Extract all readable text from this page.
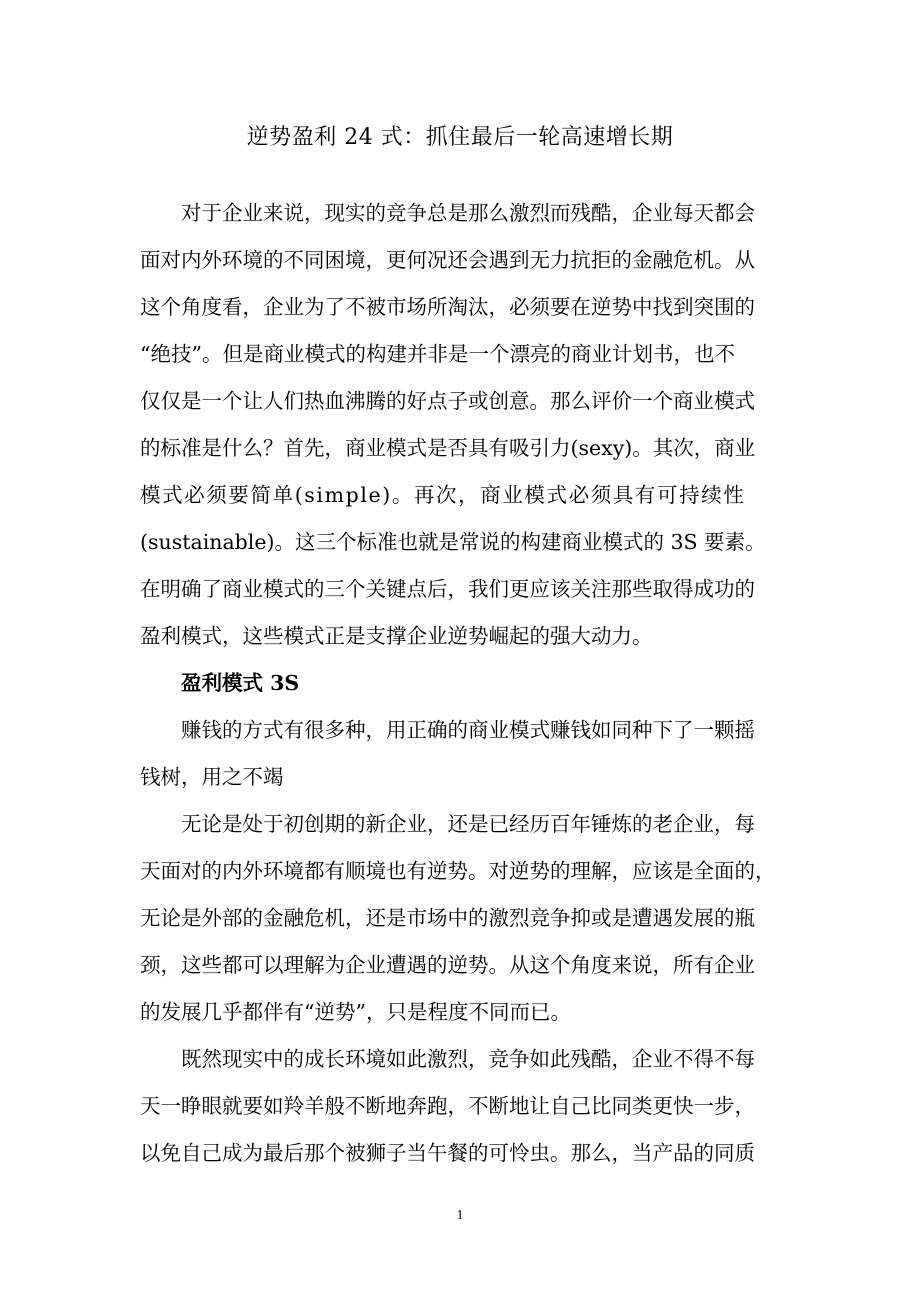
逆势盈利 24 式：抓住最后一轮高速增长期
对于企业来说，现实的竞争总是那么激烈而残酷，企业每天都会
面对内外环境的不同困境，更何况还会遇到无力抗拒的金融危机。从
这个角度看，企业为了不被市场所淘汰，必须要在逆势中找到突围的
“绝技”。但是商业模式的构建并非是一个漂亮的商业计划书，也不
仅仅是一个让人们热血沸腾的好点子或创意。那么评价一个商业模式
的标准是什么？首先，商业模式是否具有吸引力(sexy)。其次，商业
模式必须要简单(simple)。再次，商业模式必须具有可持续性
(sustainable)。这三个标准也就是常说的构建商业模式的 3S 要素。
在明确了商业模式的三个关键点后，我们更应该关注那些取得成功的
盈利模式，这些模式正是支撑企业逆势崛起的强大动力。
盈利模式 3S
赚钱的方式有很多种，用正确的商业模式赚钱如同种下了一颗摇
钱树，用之不竭
无论是处于初创期的新企业，还是已经历百年锤炼的老企业，每
天面对的内外环境都有顺境也有逆势。对逆势的理解，应该是全面的，
无论是外部的金融危机，还是市场中的激烈竞争抑或是遭遇发展的瓶
颈，这些都可以理解为企业遭遇的逆势。从这个角度来说，所有企业
的发展几乎都伴有“逆势”，只是程度不同而已。
既然现实中的成长环境如此激烈，竞争如此残酷，企业不得不每
天一睁眼就要如羚羊般不断地奔跑，不断地让自己比同类更快一步，
以免自己成为最后那个被狮子当午餐的可怜虫。那么，当产品的同质
1
